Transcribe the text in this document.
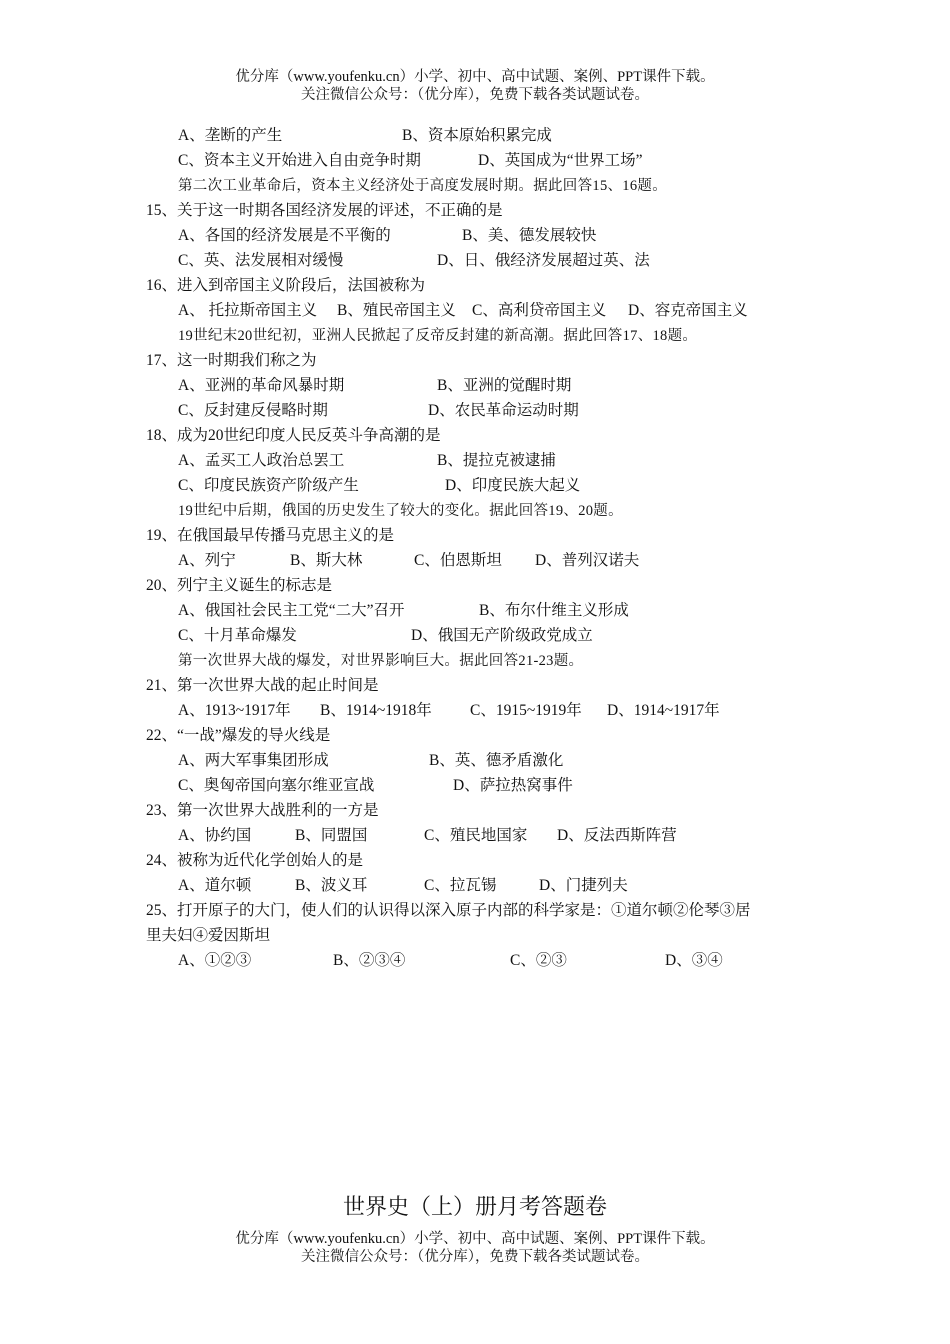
优分库（www.youfenku.cn）小学、初中、高中试题、案例、PPT课件下载。
关注微信公众号：（优分库），免费下载各类试题试卷。
A、垄断的产生	B、资本原始积累完成
C、资本主义开始进入自由竞争时期	D、英国成为“世界工场”
第二次工业革命后，资本主义经济处于高度发展时期。据此回答15、16题。
15、关于这一时期各国经济发展的评述，不正确的是
A、各国的经济发展是不平衡的	B、美、德发展较快
C、英、法发展相对缓慢	D、日、俄经济发展超过英、法
16、进入到帝国主义阶段后，法国被称为
A、 托拉斯帝国主义 B、殖民帝国主义 C、高利贷帝国主义 D、容克帝国主义
19世纪末20世纪初，亚洲人民掀起了反帝反封建的新高潮。据此回答17、18题。
17、这一时期我们称之为
A、亚洲的革命风暴时期	B、亚洲的觉醒时期
C、反封建反侵略时期	D、农民革命运动时期
18、成为20世纪印度人民反英斗争高潮的是
A、孟买工人政治总罢工	B、提拉克被逮捕
C、印度民族资产阶级产生	D、印度民族大起义
19世纪中后期，俄国的历史发生了较大的变化。据此回答19、20题。
19、在俄国最早传播马克思主义的是
A、列宁	B、斯大林	C、伯恩斯坦 D、普列汉诺夫
20、列宁主义诞生的标志是
A、俄国社会民主工党“二大”召开	B、布尔什维主义形成
C、十月革命爆发	D、俄国无产阶级政党成立
第一次世界大战的爆发，对世界影响巨大。据此回答21-23题。
21、第一次世界大战的起止时间是
A、1913~1917年 B、1914~1918年 C、1915~1919年 D、1914~1917年
22、“一战”爆发的导火线是
A、两大军事集团形成	B、英、德矛盾激化
C、奥匈帝国向塞尔维亚宣战	D、萨拉热窝事件
23、第一次世界大战胜利的一方是
A、协约国	B、同盟国	C、殖民地国家 D、反法西斯阵营
24、被称为近代化学创始人的是
A、道尔顿	B、波义耳	C、拉瓦锡	D、门捷列夫
25、打开原子的大门，使人们的认识得以深入原子内部的科学家是：①道尔顿②伦琴③居
里夫妇④爱因斯坦
A、①②③	B、②③④	C、②③	D、③④
世界史（上）册月考答题卷
优分库（www.youfenku.cn）小学、初中、高中试题、案例、PPT课件下载。
关注微信公众号：（优分库），免费下载各类试题试卷。
